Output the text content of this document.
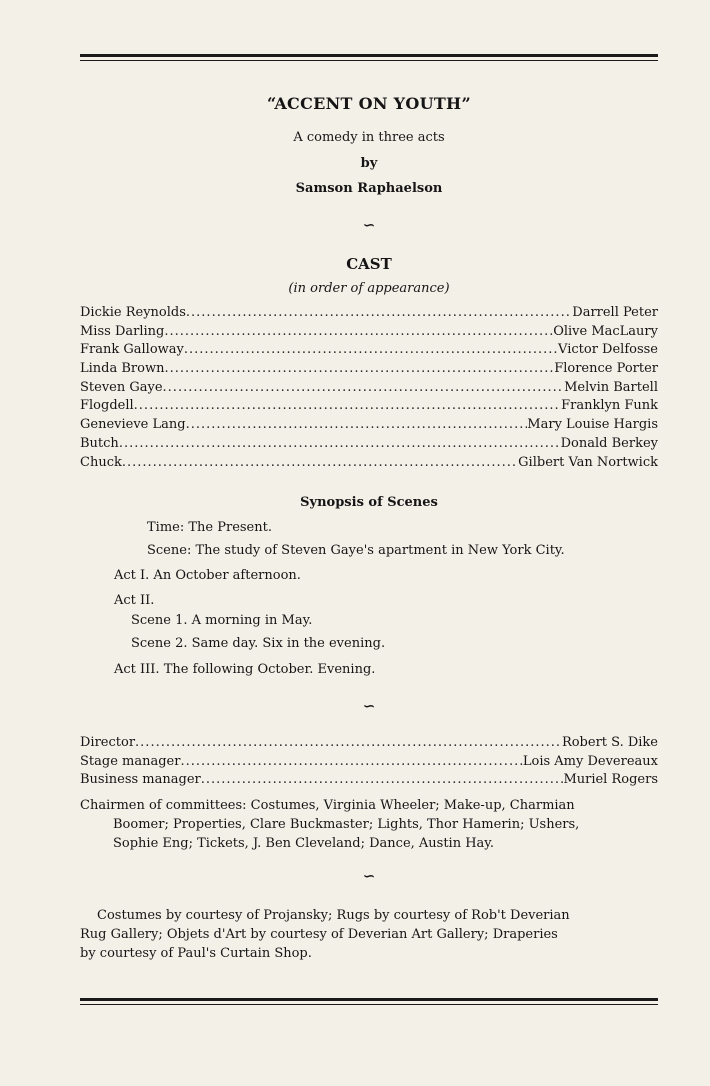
“ACCENT ON YOUTH”
A comedy in three acts
by
Samson Raphaelson
∽
CAST
(in order of appearance)
Dickie Reynolds .....	Darrell Peter
Miss Darling .....	Olive MacLaury
Frank Galloway .....	Victor Delfosse
Linda Brown .....	Florence Porter
Steven Gaye .....	Melvin Bartell
Flogdell .....	Franklyn Funk
Genevieve Lang .....	Mary Louise Hargis
Butch .....	Donald Berkey
Chuck .....	Gilbert Van Nortwick
Synopsis of Scenes
Time: The Present.
Scene: The study of Steven Gaye's apartment in New York City.
Act I. An October afternoon.
Act II.
Scene 1. A morning in May.
Scene 2. Same day. Six in the evening.
Act III. The following October. Evening.
∽
Director .....	Robert S. Dike
Stage manager .....	Lois Amy Devereaux
Business manager .....	Muriel Rogers
Chairmen of committees: Costumes, Virginia Wheeler; Make-up, Charmian
Boomer; Properties, Clare Buckmaster; Lights, Thor Hamerin; Ushers,
Sophie Eng; Tickets, J. Ben Cleveland; Dance, Austin Hay.
∽
Costumes by courtesy of Projansky; Rugs by courtesy of Rob't Deverian
Rug Gallery; Objets d'Art by courtesy of Deverian Art Gallery; Draperies
by courtesy of Paul's Curtain Shop.
